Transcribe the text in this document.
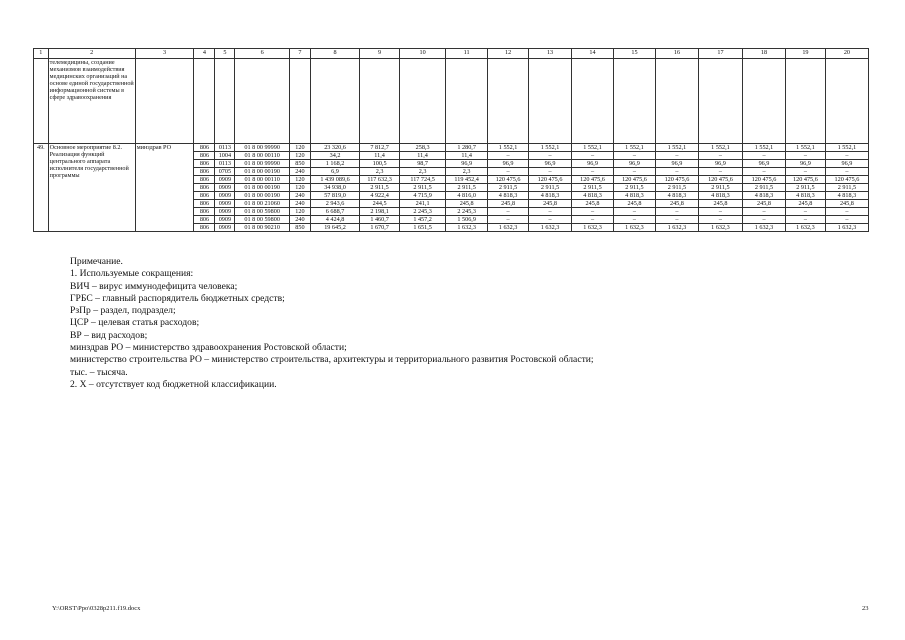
1	2	3	4	5	6	7	8	9	10	11	12	13	14	15	16	17	18	19	20
	телемедицины, создание механизмов взаимодействия медицинских организаций на основе единой государственной информационной системы в сфере здравоохранения																		
49.	Основное мероприятие 8.2. Реализация функций центрального аппарата исполнителя государственной программы	минздрав РО	806	0113	01 8 00 99990	120	23 320,6	7 812,7	258,3	1 280,7	1 552,1	1 552,1	1 552,1	1 552,1	1 552,1	1 552,1	1 552,1	1 552,1	1 552,1
			806	1004	01 8 00 00110	120	34,2	11,4	11,4	11,4	–	–	–	–	–	–	–	–	–
			806	0113	01 8 00 99990	850	1 168,2	100,5	98,7	96,9	96,9	96,9	96,9	96,9	96,9	96,9	96,9	96,9	96,9
			806	0705	01 8 00 00190	240	6,9	2,3	2,3	2,3	–	–	–	–	–	–	–	–	–
			806	0909	01 8 00 00110	120	1 439 089,6	117 632,3	117 724,5	119 452,4	120 475,6	120 475,6	120 475,6	120 475,6	120 475,6	120 475,6	120 475,6	120 475,6	120 475,6
			806	0909	01 8 00 00190	120	34 938,0	2 911,5	2 911,5	2 911,5	2 911,5	2 911,5	2 911,5	2 911,5	2 911,5	2 911,5	2 911,5	2 911,5	2 911,5
			806	0909	01 8 00 00190	240	57 819,0	4 922,4	4 715,9	4 816,0	4 818,3	4 818,3	4 818,3	4 818,3	4 818,3	4 818,3	4 818,3	4 818,3	4 818,3
			806	0909	01 8 00 21060	240	2 943,6	244,5	241,1	245,8	245,8	245,8	245,8	245,8	245,8	245,8	245,8	245,8	245,8
			806	0909	01 8 00 59800	120	6 688,7	2 198,1	2 245,3	2 245,3	–	–	–	–	–	–	–	–	–
			806	0909	01 8 00 59800	240	4 424,8	1 460,7	1 457,2	1 506,9	–	–	–	–	–	–	–	–	–
			806	0909	01 8 00 90210	850	19 645,2	1 670,7	1 651,5	1 632,3	1 632,3	1 632,3	1 632,3	1 632,3	1 632,3	1 632,3	1 632,3	1 632,3	1 632,3
Примечание.
1. Используемые сокращения:
ВИЧ – вирус иммунодефицита человека;
ГРБС – главный распорядитель бюджетных средств;
РзПр – раздел, подраздел;
ЦСР – целевая статья расходов;
ВР – вид расходов;
минздрав РО – министерство здравоохранения Ростовской области;
министерство строительства РО – министерство строительства, архитектуры и территориального развития Ростовской области;
тыс. – тысяча.
2. Х – отсутствует код бюджетной классификации.
Y:\ORST\Ppo\0328p211.f19.docx	23
